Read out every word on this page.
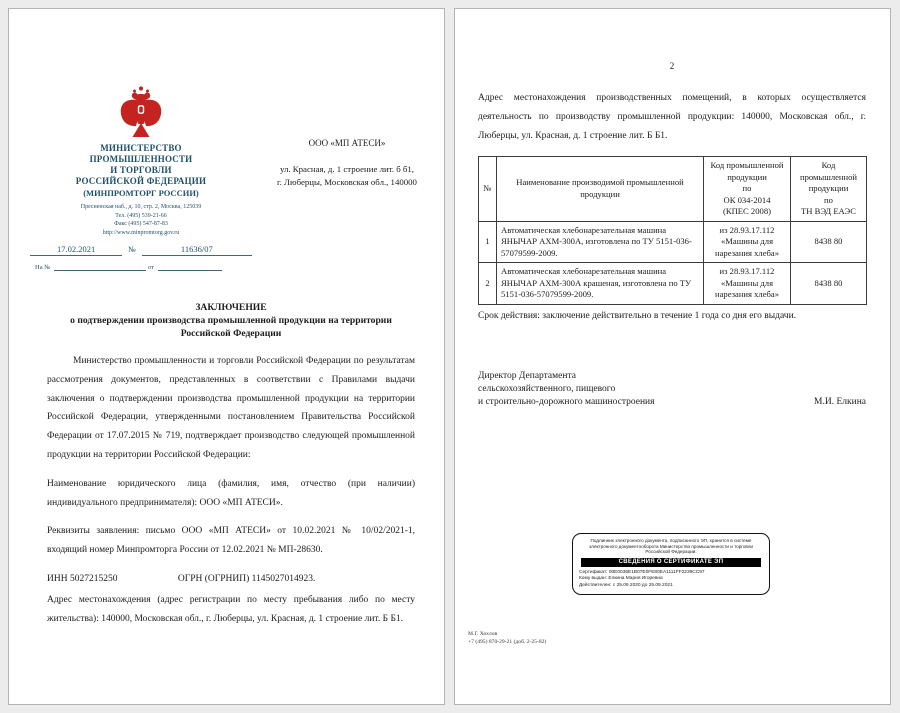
МИНИСТЕРСТВО
ПРОМЫШЛЕННОСТИ
И ТОРГОВЛИ
РОССИЙСКОЙ ФЕДЕРАЦИИ
(МИНПРОМТОРГ РОССИИ)
Пресненская наб., д. 10, стр. 2, Москва, 125039
Тел. (495) 539-21-66
Факс (495) 547-87-83
http://www.minpromtorg.gov.ru
17.02.2021	№	11636/07
На №	от
ООО «МП АТЕСИ»
ул. Красная, д. 1 строение лит. б б1,
г. Люберцы, Московская обл., 140000
ЗАКЛЮЧЕНИЕ
о подтверждении производства промышленной продукции на территории Российской Федерации

Министерство промышленности и торговли Российской Федерации по результатам рассмотрения документов, представленных в соответствии с Правилами выдачи заключения о подтверждении производства промышленной продукции на территории Российской Федерации, утвержденными постановлением Правительства Российской Федерации от 17.07.2015 № 719, подтверждает производство следующей промышленной продукции на территории Российской Федерации:

Наименование юридического лица (фамилия, имя, отчество (при наличии) индивидуального предпринимателя): ООО «МП АТЕСИ».

Реквизиты заявления: письмо ООО «МП АТЕСИ» от 10.02.2021 № 10/02/2021-1, входящий номер Минпромторга России от 12.02.2021 № МП-28630.

ИНН 5027215250	ОГРН (ОГРНИП) 1145027014923.

Адрес местонахождения (адрес регистрации по месту пребывания либо по месту жительства): 140000, Московская обл., г. Люберцы, ул. Красная, д. 1 строение лит. Б Б1.

2

Адрес местонахождения производственных помещений, в которых осуществляется деятельность по производству промышленной продукции: 140000, Московская обл., г. Люберцы, ул. Красная, д. 1 строение лит. Б Б1.

№	Наименование производимой промышленной продукции	Код промышленной
продукции
по
ОК 034-2014
(КПЕС 2008)	Код промышленной
продукции
по
ТН ВЭД ЕАЭС

1	Автоматическая хлебонарезательная машина ЯНЫЧАР АХМ-300А, изготовлена по ТУ 5151-036-57079599-2009.	из 28.93.17.112
«Машины для
нарезания хлеба»	8438 80
2	Автоматическая хлебонарезательная машина ЯНЫЧАР АХМ-300А крашеная, изготовлена по ТУ 5151-036-57079599-2009.	из 28.93.17.112
«Машины для
нарезания хлеба»	8438 80
Срок действия: заключение действительно в течение 1 года со дня его выдачи.
Директор Департамента
сельскохозяйственного, пищевого
и строительно-дорожного машиностроения	М.И. Елкина
Подлинник электронного документа, подписанного ЭП, хранится в системе электронного документооборота Министерство промышленности и торговли Российской Федерации.
СВЕДЕНИЯ О СЕРТИФИКАТЕ ЭП
Сертификат: 00E0036E1B07E0FE80EA1111FF2239CC97
Кому выдан: Елкина Мария Игоревна
Действителен: с 25.09.2020 до 25.09.2021
М.Г. Хохлов
+7 (495) 870-29-21 (доб. 2-25-82)
